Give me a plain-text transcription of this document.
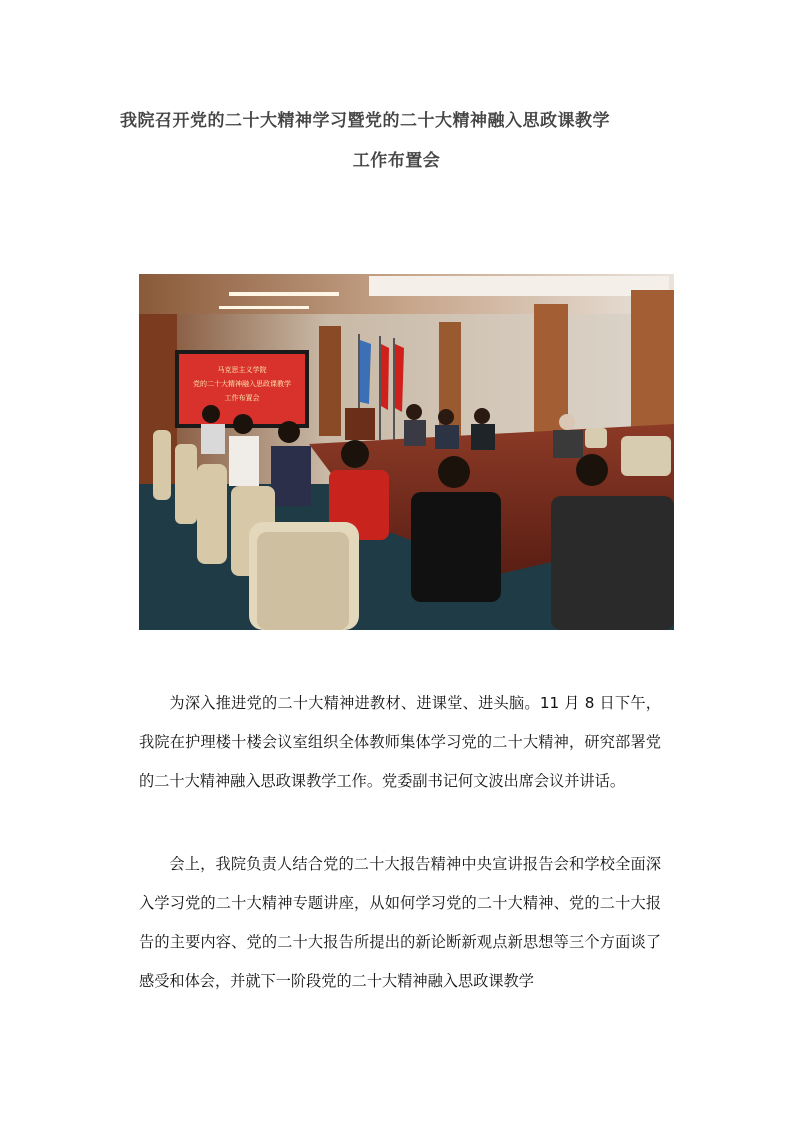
我院召开党的二十大精神学习暨党的二十大精神融入思政课教学
工作布置会
马克思主义学院
党的二十大精神融入思政课教学
工作布置会

为深入推进党的二十大精神进教材、进课堂、进头脑。11 月 8 日下午，我院在护理楼十楼会议室组织全体教师集体学习党的二十大精神，研究部署党的二十大精神融入思政课教学工作。党委副书记何文波出席会议并讲话。

会上，我院负责人结合党的二十大报告精神中央宣讲报告会和学校全面深入学习党的二十大精神专题讲座，从如何学习党的二十大精神、党的二十大报告的主要内容、党的二十大报告所提出的新论断新观点新思想等三个方面谈了感受和体会，并就下一阶段党的二十大精神融入思政课教学
